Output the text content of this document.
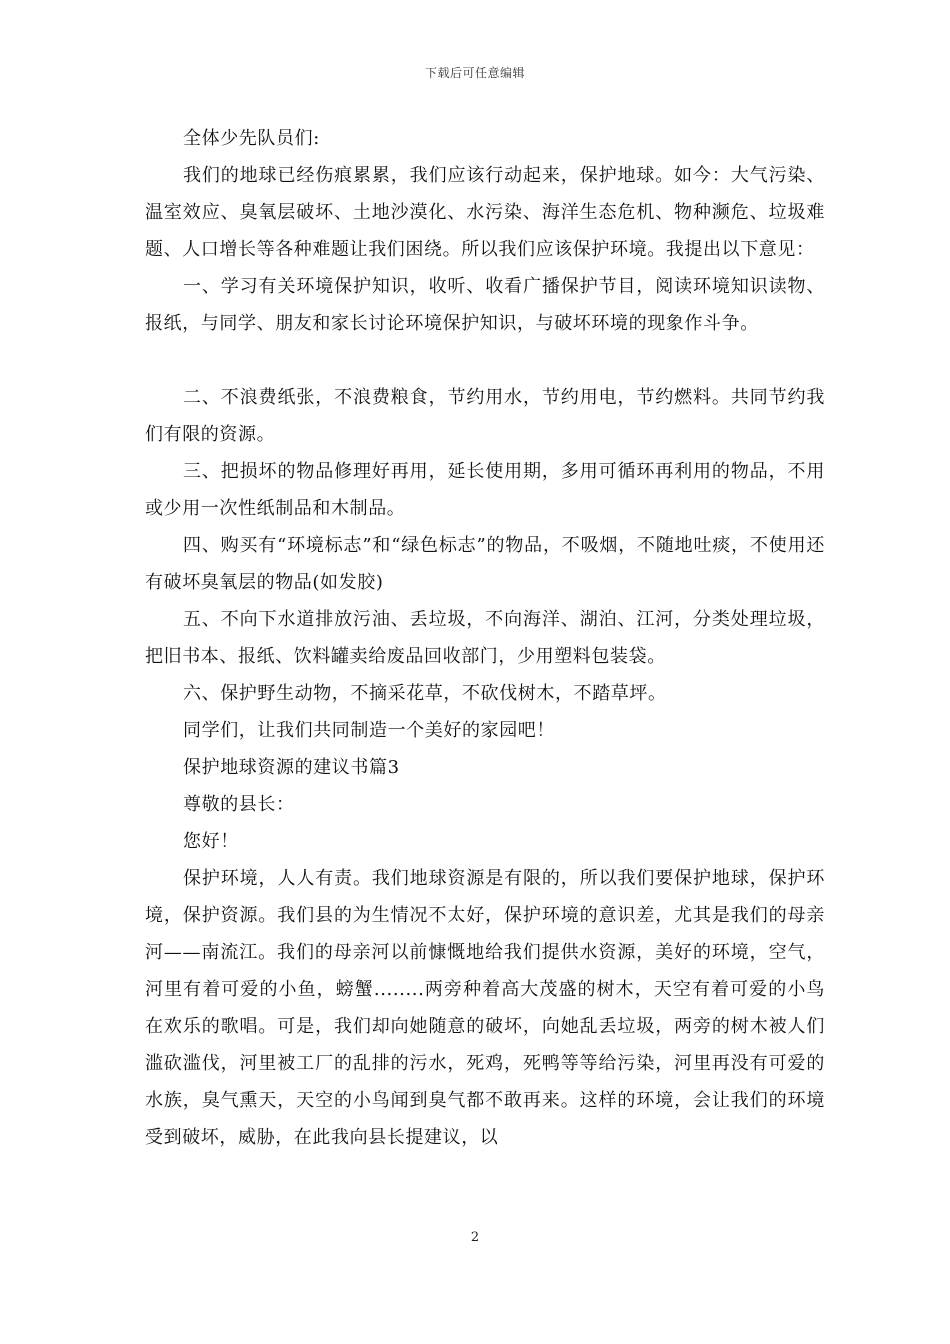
下载后可任意编辑

全体少先队员们:

我们的地球已经伤痕累累，我们应该行动起来，保护地球。如今：大气污染、温室效应、臭氧层破坏、土地沙漠化、水污染、海洋生态危机、物种濒危、垃圾难题、人口增长等各种难题让我们困绕。所以我们应该保护环境。我提出以下意见：

一、学习有关环境保护知识，收听、收看广播保护节目，阅读环境知识读物、报纸，与同学、朋友和家长讨论环境保护知识，与破坏环境的现象作斗争。

二、不浪费纸张，不浪费粮食，节约用水，节约用电，节约燃料。共同节约我们有限的资源。

三、把损坏的物品修理好再用，延长使用期，多用可循环再利用的物品，不用或少用一次性纸制品和木制品。

四、购买有“环境标志”和“绿色标志”的物品，不吸烟，不随地吐痰，不使用还有破坏臭氧层的物品(如发胶)

五、不向下水道排放污油、丢垃圾，不向海洋、湖泊、江河，分类处理垃圾，把旧书本、报纸、饮料罐卖给废品回收部门，少用塑料包装袋。

六、保护野生动物，不摘采花草，不砍伐树木，不踏草坪。

同学们，让我们共同制造一个美好的家园吧！

保护地球资源的建议书篇3

尊敬的县长：

您好！

保护环境，人人有责。我们地球资源是有限的，所以我们要保护地球，保护环境，保护资源。我们县的为生情况不太好，保护环境的意识差，尤其是我们的母亲河——南流江。我们的母亲河以前慷慨地给我们提供水资源，美好的环境，空气，河里有着可爱的小鱼，螃蟹........两旁种着高大茂盛的树木，天空有着可爱的小鸟在欢乐的歌唱。可是，我们却向她随意的破坏，向她乱丢垃圾，两旁的树木被人们滥砍滥伐，河里被工厂的乱排的污水，死鸡，死鸭等等给污染，河里再没有可爱的水族，臭气熏天，天空的小鸟闻到臭气都不敢再来。这样的环境，会让我们的环境受到破坏，威胁，在此我向县长提建议，以

2
